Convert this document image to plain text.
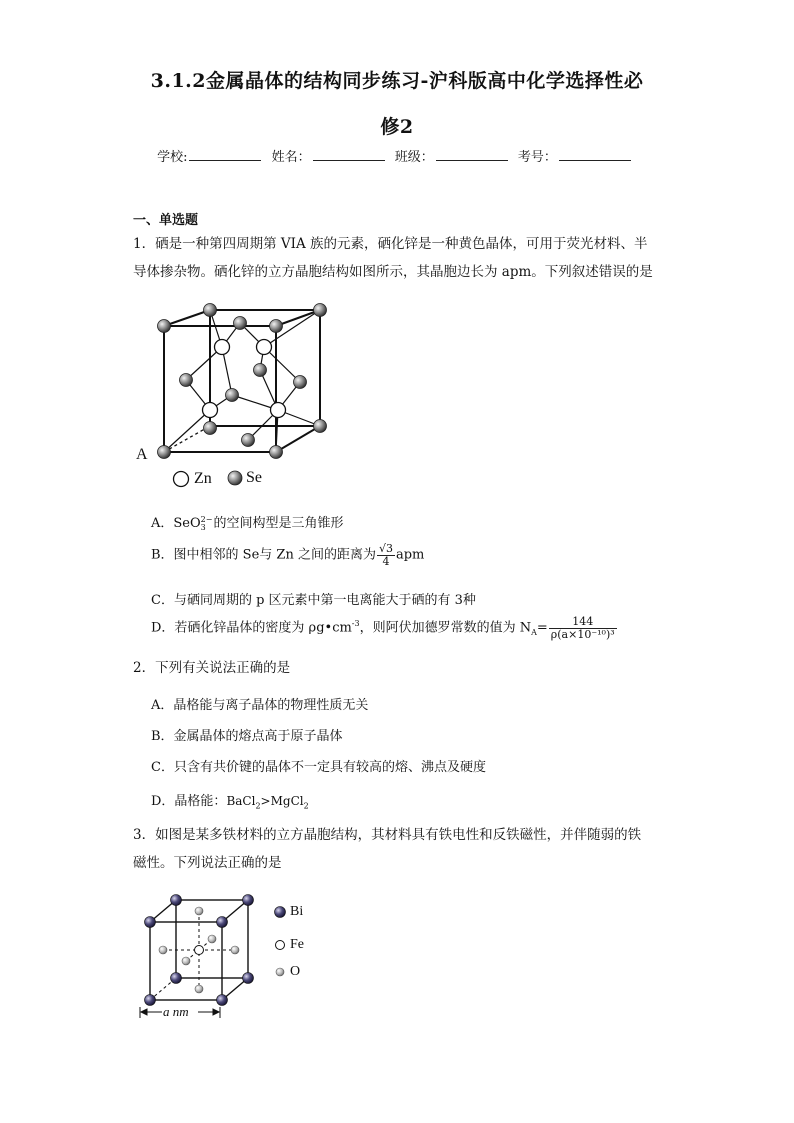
3.1.2金属晶体的结构同步练习-沪科版高中化学选择性必
修2
学校:	姓名：	班级：	考号：
一、单选题
1．硒是一种第四周期第 VIA 族的元素，硒化锌是一种黄色晶体，可用于荧光材料、半
导体掺杂物。硒化锌的立方晶胞结构如图所示，其晶胞边长为 apm。下列叙述错误的是
A
Zn Se
A．SeO 2−
3 的空间构型是三角锥形
B．图中相邻的 Se与 Zn 之间的距离为 $\frac{√3}{4}$ apm
C．与硒同周期的 p 区元素中第一电离能大于硒的有 3种
D．若硒化锌晶体的密度为 $\rho g•cm^{-3}$，则阿伏加德罗常数的值为 $N_A= \frac{144}{\text{ρ(a×10⁻¹⁰)³}}$
2．下列有关说法正确的是
A．晶格能与离子晶体的物理性质无关
B．金属晶体的熔点高于原子晶体
C．只含有共价键的晶体不一定具有较高的熔、沸点及硬度
D．晶格能：BaCl$_2$>MgCl$_2$
3．如图是某多铁材料的立方晶胞结构，其材料具有铁电性和反铁磁性，并伴随弱的铁
磁性。下列说法正确的是
a nm
Bi
Fe
O
